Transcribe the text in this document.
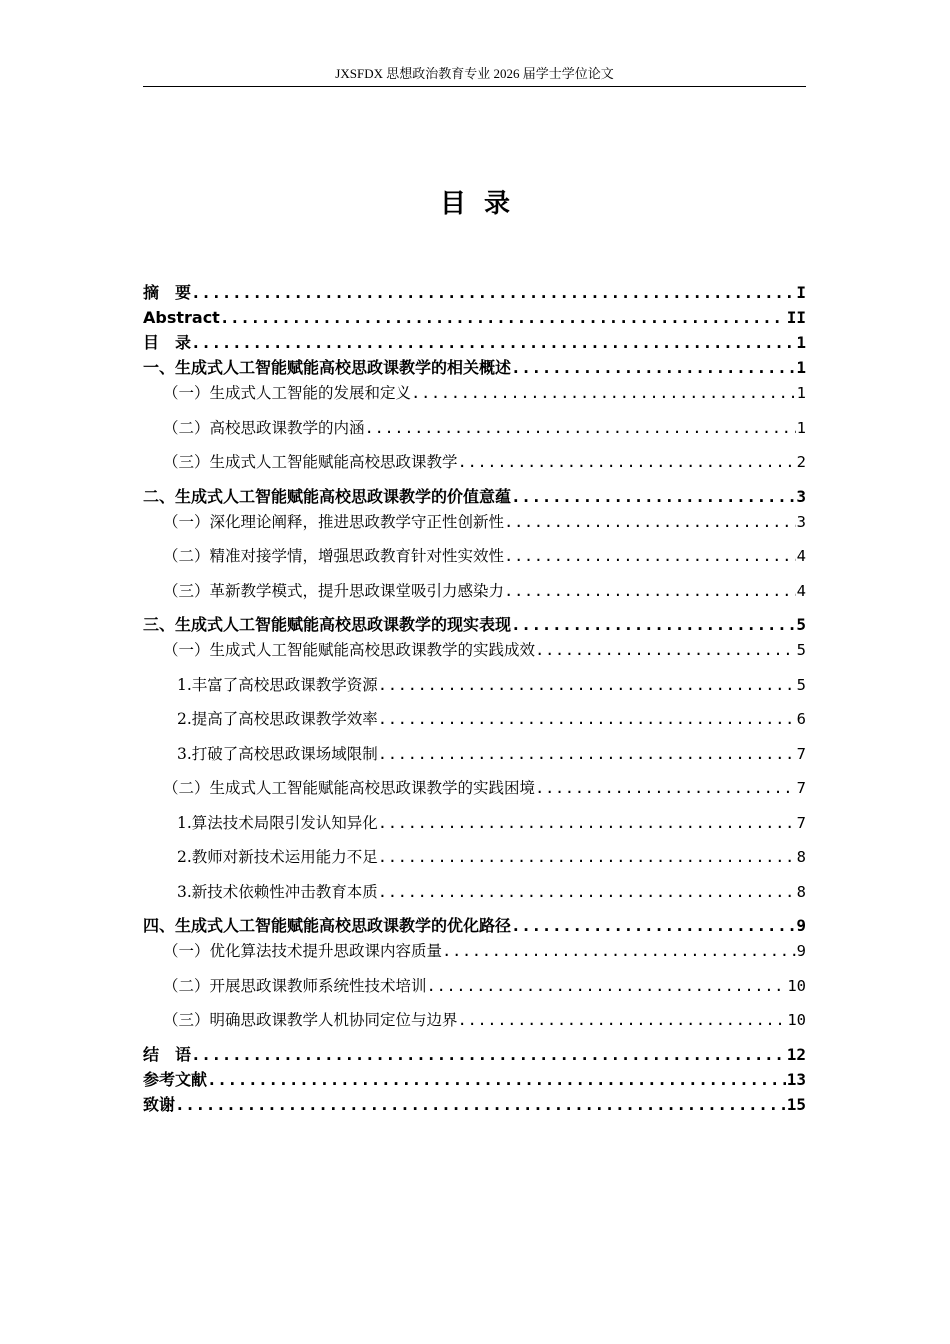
JXSFDX 思想政治教育专业 2026 届学士学位论文
目录
摘　要 .....	I
Abstract .....	II
目　录 .....	1
一、生成式人工智能赋能高校思政课教学的相关概述 .....	1
（一）生成式人工智能的发展和定义 .....	1
（二）高校思政课教学的内涵 .....	1
（三）生成式人工智能赋能高校思政课教学 .....	2
二、生成式人工智能赋能高校思政课教学的价值意蕴 .....	3
（一）深化理论阐释，推进思政教学守正性创新性 .....	3
（二）精准对接学情，增强思政教育针对性实效性 .....	4
（三）革新教学模式，提升思政课堂吸引力感染力 .....	4
三、生成式人工智能赋能高校思政课教学的现实表现 .....	5
（一）生成式人工智能赋能高校思政课教学的实践成效 .....	5
1.丰富了高校思政课教学资源 .....	5
2.提高了高校思政课教学效率 .....	6
3.打破了高校思政课场域限制 .....	7
（二）生成式人工智能赋能高校思政课教学的实践困境 .....	7
1.算法技术局限引发认知异化 .....	7
2.教师对新技术运用能力不足 .....	8
3.新技术依赖性冲击教育本质 .....	8
四、生成式人工智能赋能高校思政课教学的优化路径 .....	9
（一）优化算法技术提升思政课内容质量 .....	9
（二）开展思政课教师系统性技术培训 .....	10
（三）明确思政课教学人机协同定位与边界 .....	10
结　语 .....	12
参考文献 .....	13
致谢 .....	15
